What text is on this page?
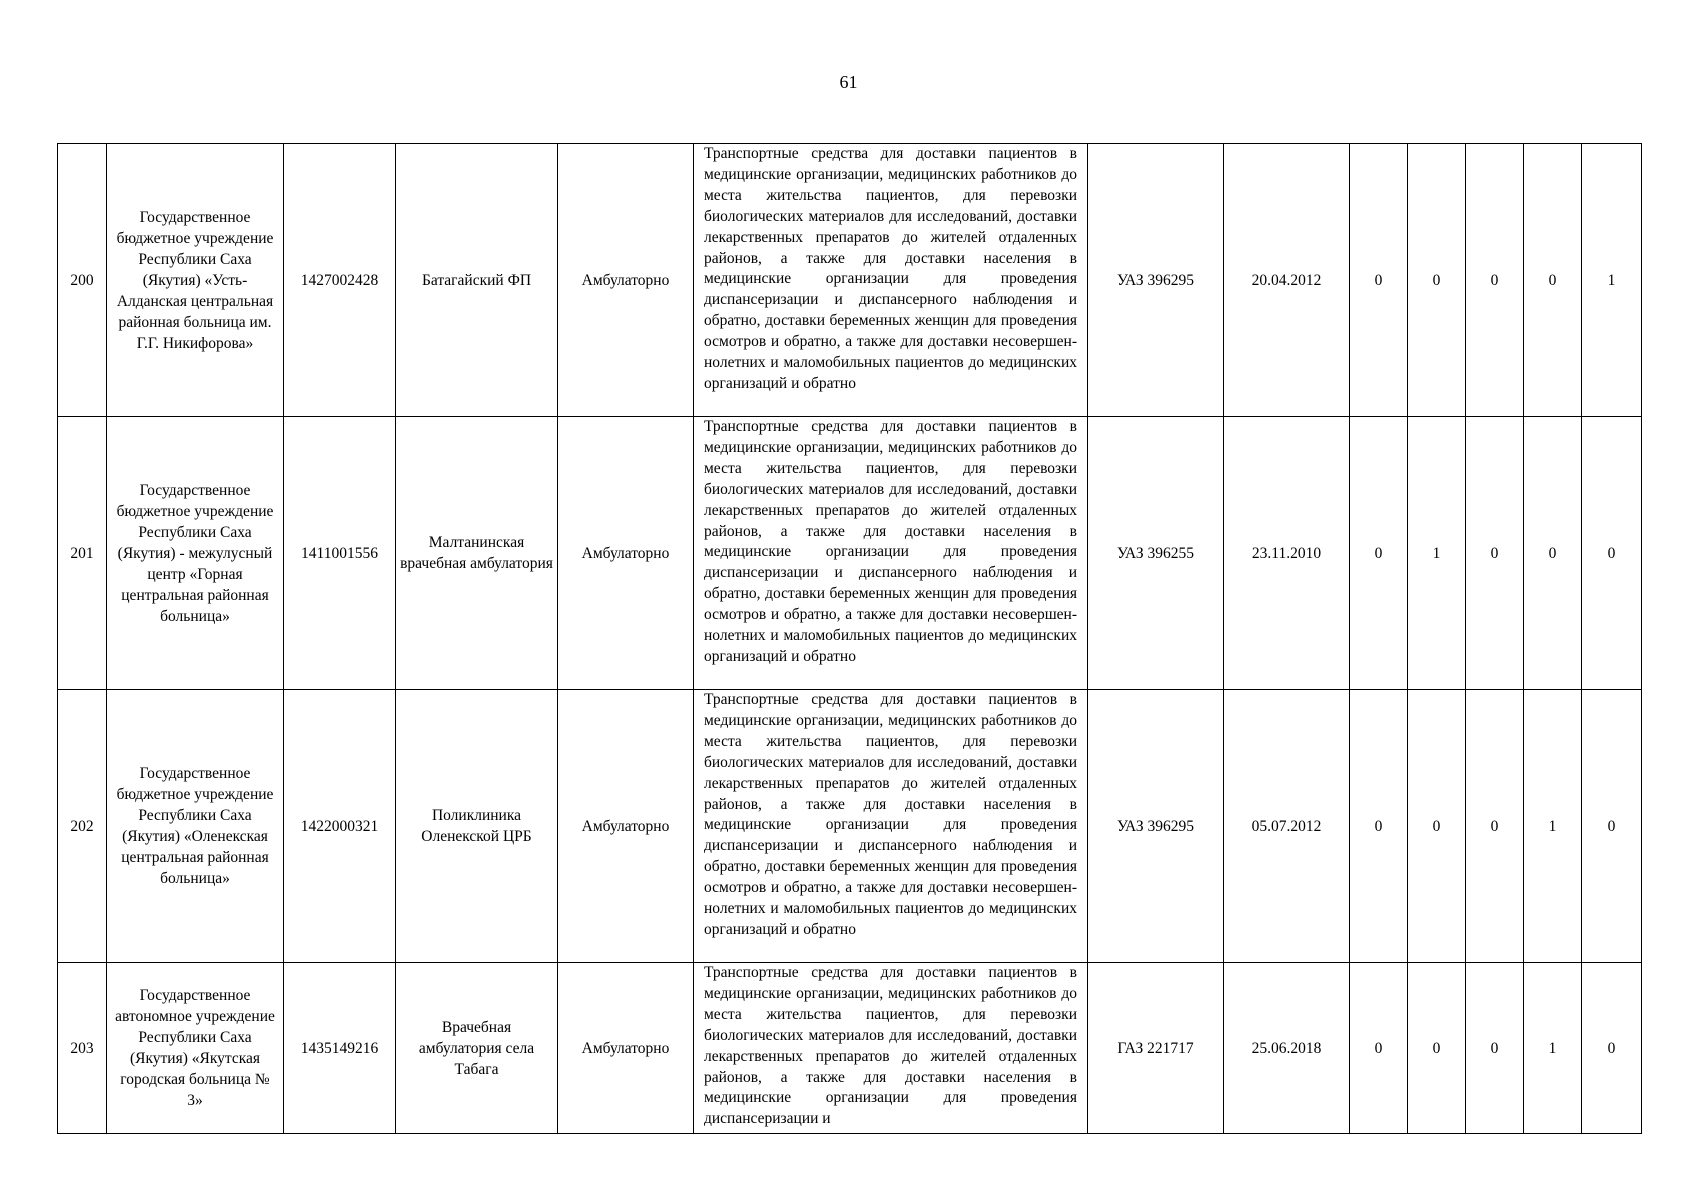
61
200	Государственное бюджетное учреждение Республики Саха (Якутия) «Усть-Алданская центральная районная больница им. Г.Г. Никифорова»	1427002428	Батагайский ФП	Амбулаторно	Транспортные средства для доставки пациентов в медицинские организации, медицинских работников до места жительства пациентов, для перевозки биологических материалов для исследований, доставки лекарственных препаратов до жителей отдаленных районов, а также для доставки населения в медицинские организации для проведения диспансеризации и диспансерного наблюдения и обратно, доставки беременных женщин для проведения осмотров и обратно, а также для доставки несовершеннолетних и маломобильных пациентов до медицинских организаций и обратно	УАЗ 396295	20.04.2012	0	0	0	0	1
201	Государственное бюджетное учреждение Республики Саха (Якутия) - межулусный центр «Горная центральная районная больница»	1411001556	Малтанинская врачебная амбулатория	Амбулаторно	Транспортные средства для доставки пациентов в медицинские организации, медицинских работников до места жительства пациентов, для перевозки биологических материалов для исследований, доставки лекарственных препаратов до жителей отдаленных районов, а также для доставки населения в медицинские организации для проведения диспансеризации и диспансерного наблюдения и обратно, доставки беременных женщин для проведения осмотров и обратно, а также для доставки несовершеннолетних и маломобильных пациентов до медицинских организаций и обратно	УАЗ 396255	23.11.2010	0	1	0	0	0
202	Государственное бюджетное учреждение Республики Саха (Якутия) «Оленекская центральная районная больница»	1422000321	Поликлиника Оленекской ЦРБ	Амбулаторно	Транспортные средства для доставки пациентов в медицинские организации, медицинских работников до места жительства пациентов, для перевозки биологических материалов для исследований, доставки лекарственных препаратов до жителей отдаленных районов, а также для доставки населения в медицинские организации для проведения диспансеризации и диспансерного наблюдения и обратно, доставки беременных женщин для проведения осмотров и обратно, а также для доставки несовершеннолетних и маломобильных пациентов до медицинских организаций и обратно	УАЗ 396295	05.07.2012	0	0	0	1	0
203	Государственное автономное учреждение Республики Саха (Якутия) «Якутская городская больница № 3»	1435149216	Врачебная амбулатория села Табага	Амбулаторно	Транспортные средства для доставки пациентов в медицинские организации, медицинских работников до места жительства пациентов, для перевозки биологических материалов для исследований, доставки лекарственных препаратов до жителей отдаленных районов, а также для доставки населения в медицинские организации для проведения диспансеризации и	ГАЗ 221717	25.06.2018	0	0	0	1	0
